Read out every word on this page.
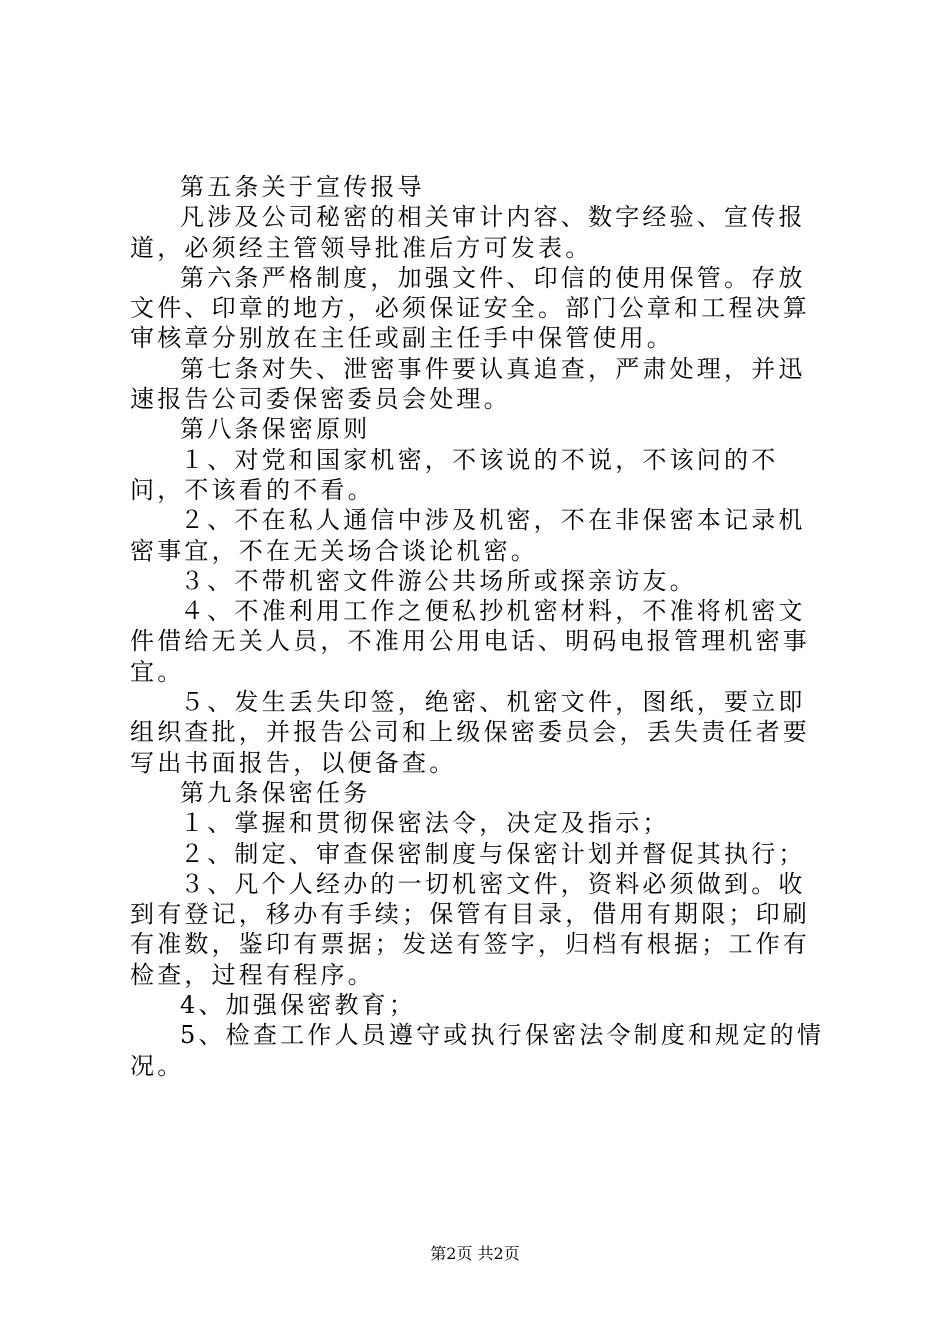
第五条关于宣传报导

凡涉及公司秘密的相关审计内容、数字经验、宣传报道，必须经主管领导批准后方可发表。

第六条严格制度，加强文件、印信的使用保管。存放文件、印章的地方，必须保证安全。部门公章和工程决算审核章分别放在主任或副主任手中保管使用。

第七条对失、泄密事件要认真追查，严肃处理，并迅速报告公司委保密委员会处理。

第八条保密原则

１、对党和国家机密，不该说的不说，不该问的不问，不该看的不看。

２、不在私人通信中涉及机密，不在非保密本记录机密事宜，不在无关场合谈论机密。

３、不带机密文件游公共场所或探亲访友。

４、不准利用工作之便私抄机密材料，不准将机密文件借给无关人员，不准用公用电话、明码电报管理机密事宜。

５、发生丢失印签，绝密、机密文件，图纸，要立即组织查批，并报告公司和上级保密委员会，丢失责任者要写出书面报告，以便备查。

第九条保密任务

１、掌握和贯彻保密法令，决定及指示；

２、制定、审查保密制度与保密计划并督促其执行；

３、凡个人经办的一切机密文件，资料必须做到。收到有登记，移办有手续；保管有目录，借用有期限；印刷有准数，鉴印有票据；发送有签字，归档有根据；工作有检查，过程有程序。

4、加强保密教育；

5、检查工作人员遵守或执行保密法令制度和规定的情况。

第2页 共2页
